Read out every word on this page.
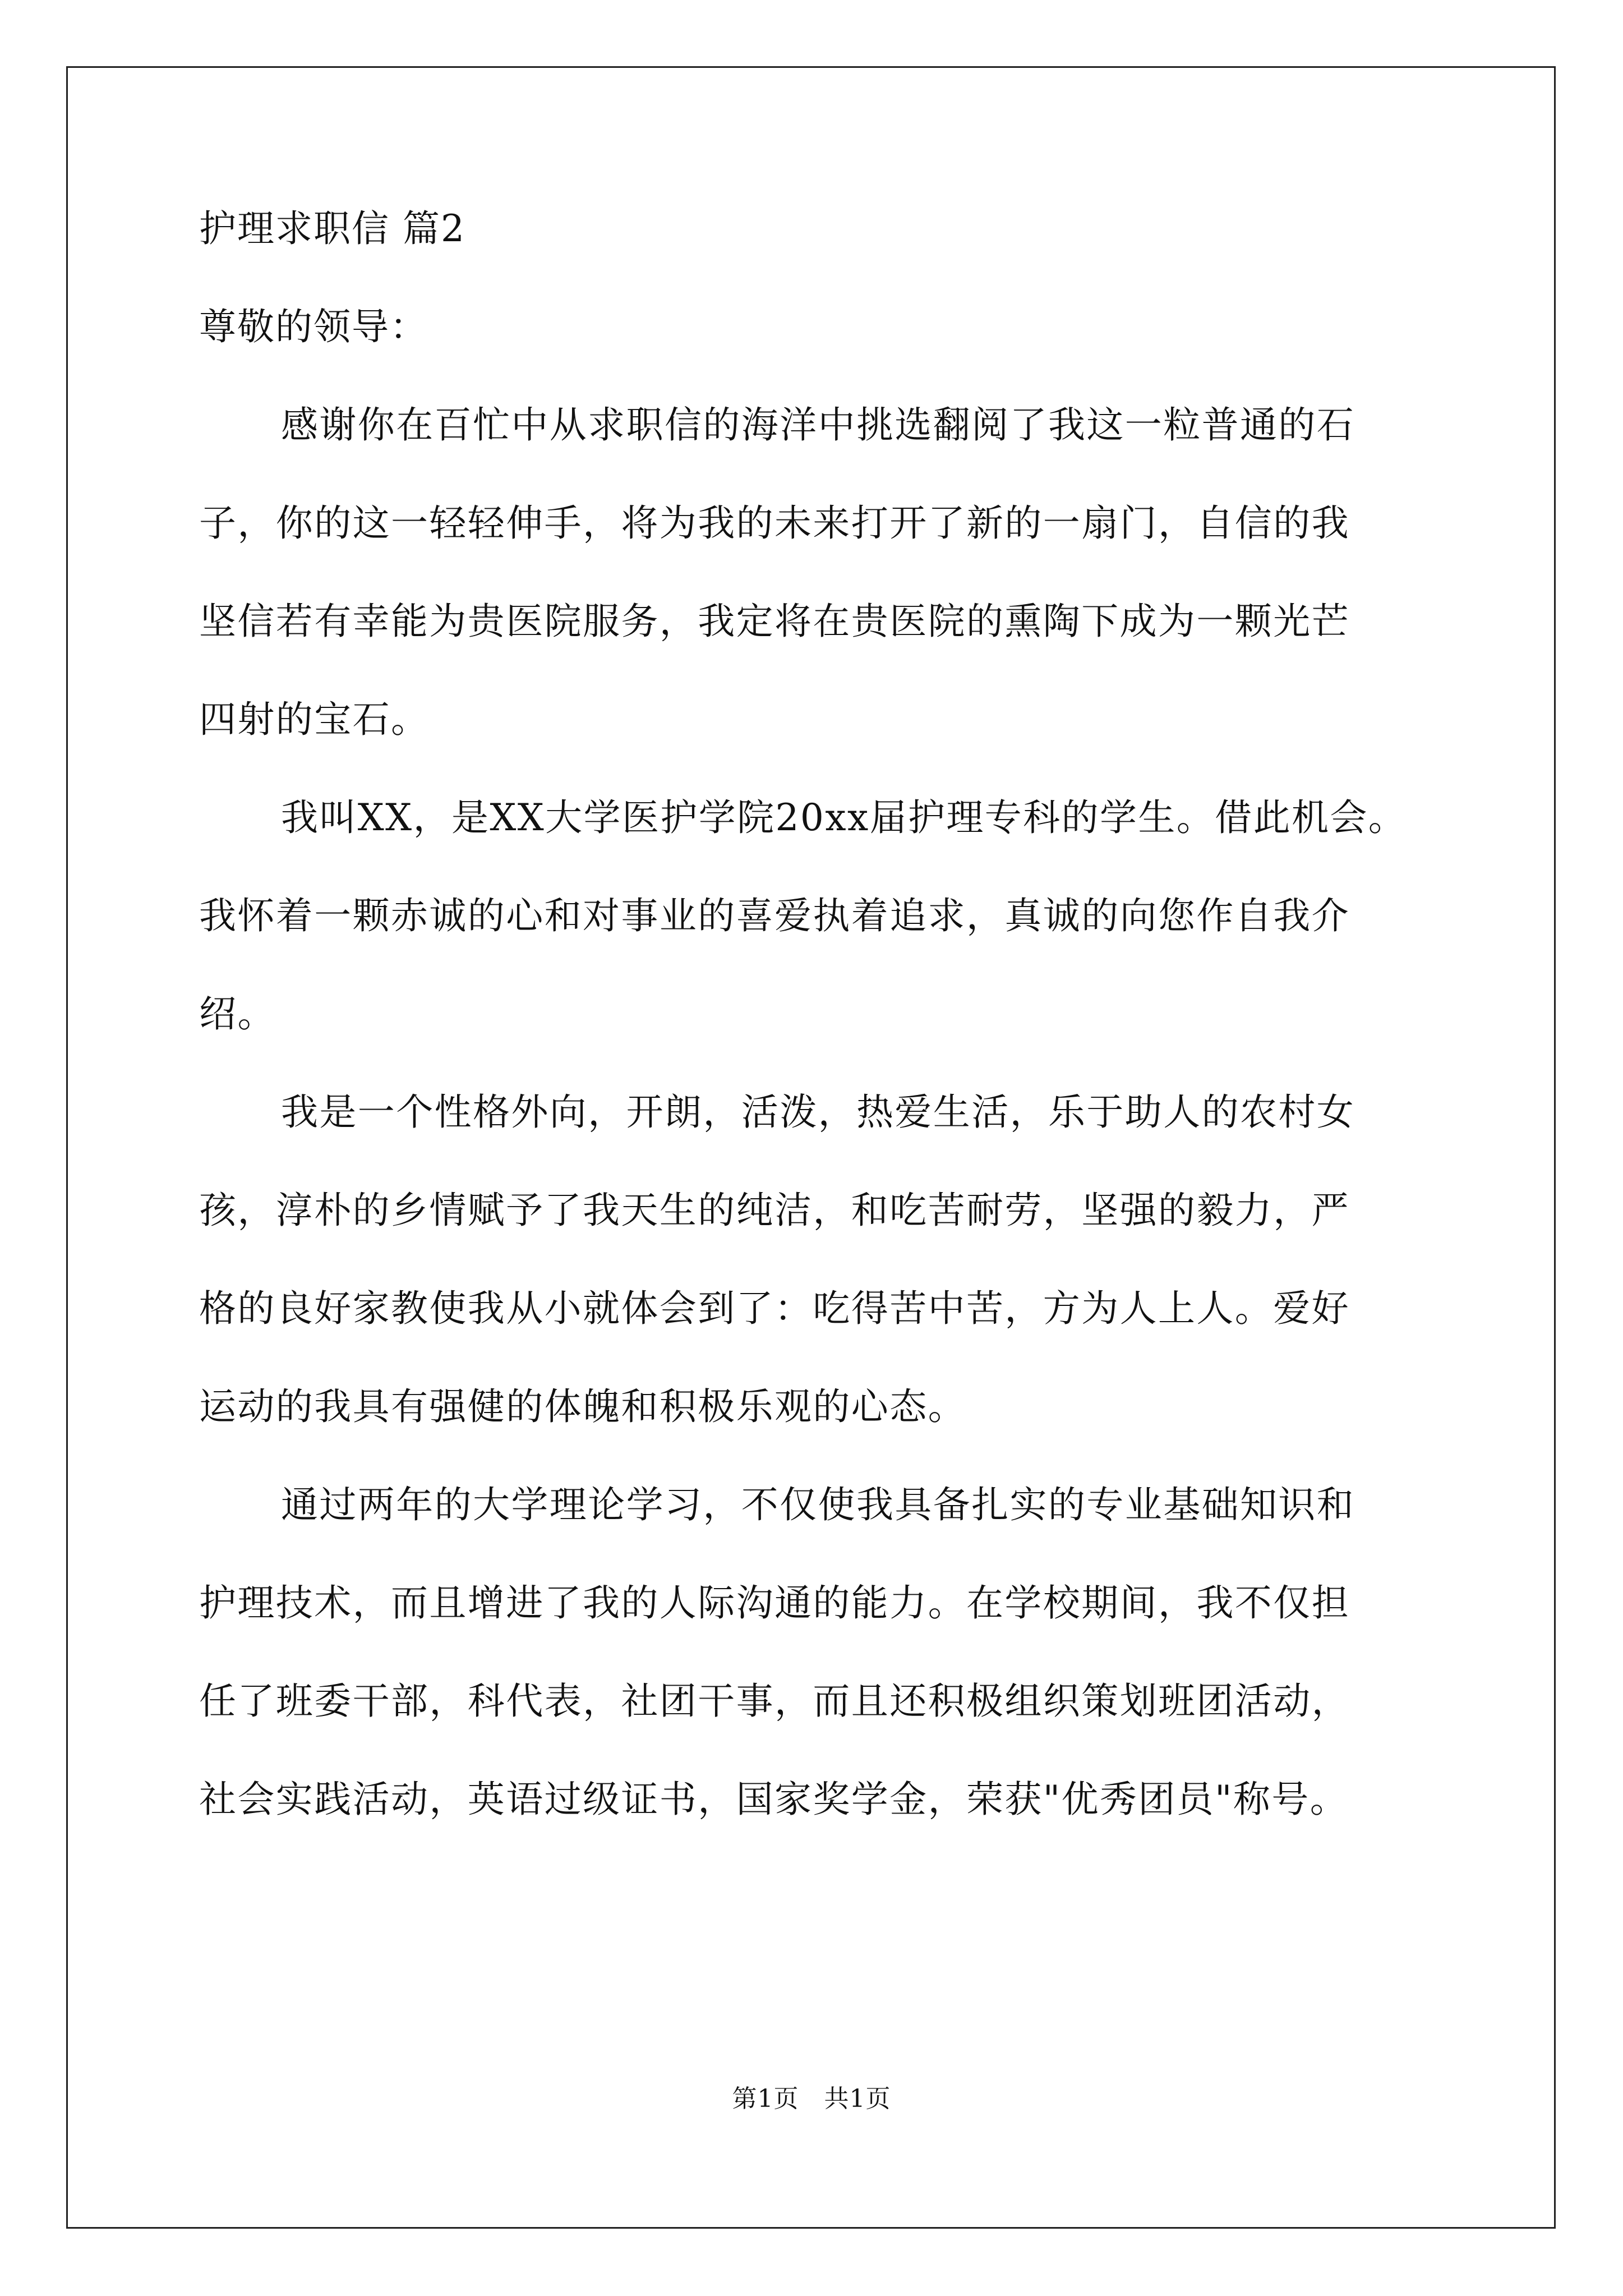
护理求职信 篇2

尊敬的领导：

感谢你在百忙中从求职信的海洋中挑选翻阅了我这一粒普通的石

子，你的这一轻轻伸手，将为我的未来打开了新的一扇门，自信的我

坚信若有幸能为贵医院服务，我定将在贵医院的熏陶下成为一颗光芒

四射的宝石。

我叫XX，是XX大学医护学院20xx届护理专科的学生。借此机会。

我怀着一颗赤诚的心和对事业的喜爱执着追求，真诚的向您作自我介

绍。

我是一个性格外向，开朗，活泼，热爱生活，乐于助人的农村女

孩，淳朴的乡情赋予了我天生的纯洁，和吃苦耐劳，坚强的毅力，严

格的良好家教使我从小就体会到了：吃得苦中苦，方为人上人。爱好

运动的我具有强健的体魄和积极乐观的心态。

通过两年的大学理论学习，不仅使我具备扎实的专业基础知识和

护理技术，而且增进了我的人际沟通的能力。在学校期间，我不仅担

任了班委干部，科代表，社团干事，而且还积极组织策划班团活动，

社会实践活动，英语过级证书，国家奖学金，荣获"优秀团员"称号。

第1页　共1页
